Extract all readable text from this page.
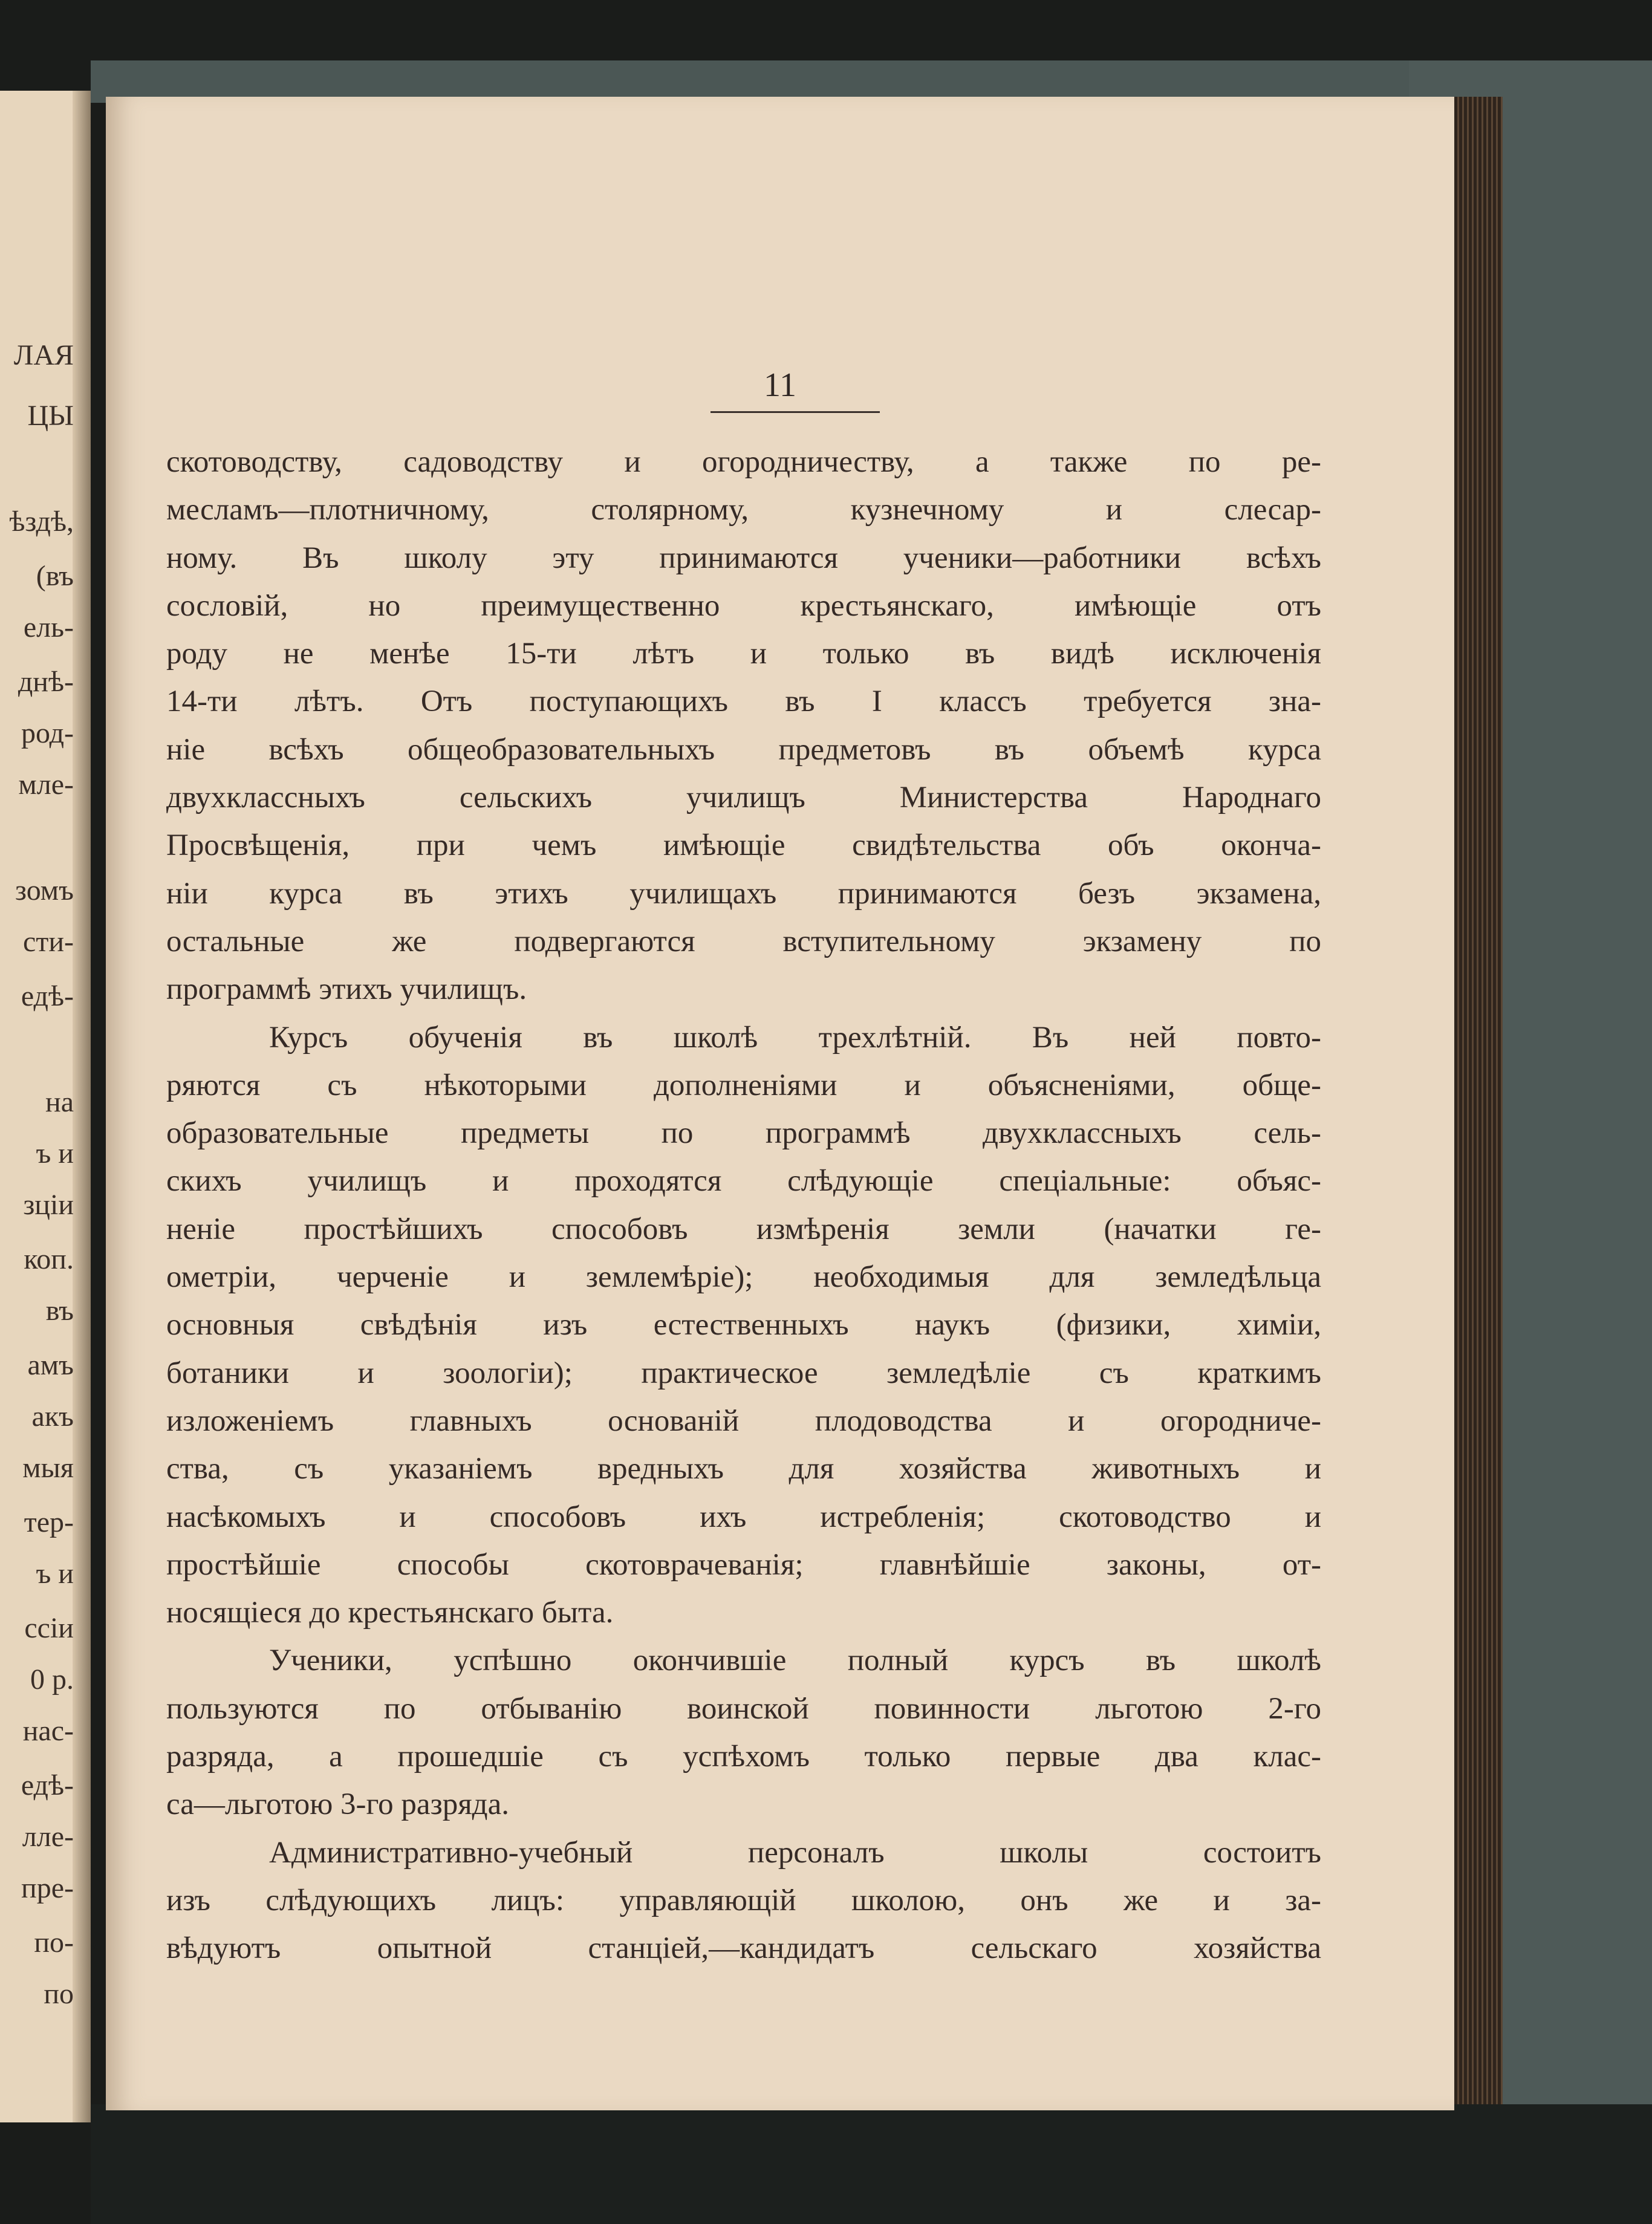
ЛАЯ
ЦЫ
ѣздѣ,
(въ
ель-
днѣ-
род-
мле-
зомъ
сти-
едѣ-
на
ъ и
зціи
коп.
въ
амъ
акъ
мыя
тер-
ъ и
ссіи
0 р.
нас-
едѣ-
лле-
пре-
по-
по
11
скотоводству, садоводству и огородничеству, а также по ре-
месламъ—плотничному, столярному, кузнечному и слесар-
ному. Въ школу эту принимаются ученики—работники всѣхъ
сословій, но преимущественно крестьянскаго, имѣющіе отъ
роду не менѣе 15-ти лѣтъ и только въ видѣ исключенія
14-ти лѣтъ. Отъ поступающихъ въ I классъ требуется зна-
ніе всѣхъ общеобразовательныхъ предметовъ въ объемѣ курса
двухклассныхъ сельскихъ училищъ Министерства Народнаго
Просвѣщенія, при чемъ имѣющіе свидѣтельства объ оконча-
ніи курса въ этихъ училищахъ принимаются безъ экзамена,
остальные же подвергаются вступительному экзамену по
программѣ этихъ училищъ.
Курсъ обученія въ школѣ трехлѣтній. Въ ней повто-
ряются съ нѣкоторыми дополненіями и объясненіями, обще-
образовательные предметы по программѣ двухклассныхъ сель-
скихъ училищъ и проходятся слѣдующіе спеціальные: объяс-
неніе простѣйшихъ способовъ измѣренія земли (начатки ге-
ометріи, черченіе и землемѣріе); необходимыя для земледѣльца
основныя свѣдѣнія изъ естественныхъ наукъ (физики, химіи,
ботаники и зоологіи); практическое земледѣліе съ краткимъ
изложеніемъ главныхъ основаній плодоводства и огородниче-
ства, съ указаніемъ вредныхъ для хозяйства животныхъ и
насѣкомыхъ и способовъ ихъ истребленія; скотоводство и
простѣйшіе способы скотоврачеванія; главнѣйшіе законы, от-
носящіеся до крестьянскаго быта.
Ученики, успѣшно окончившіе полный курсъ въ школѣ
пользуются по отбыванію воинской повинности льготою 2-го
разряда, а прошедшіе съ успѣхомъ только первые два клас-
са—льготою 3-го разряда.
Административно-учебный персоналъ школы состоитъ
изъ слѣдующихъ лицъ: управляющій школою, онъ же и за-
вѣдуютъ опытной станціей,—кандидатъ сельскаго хозяйства
